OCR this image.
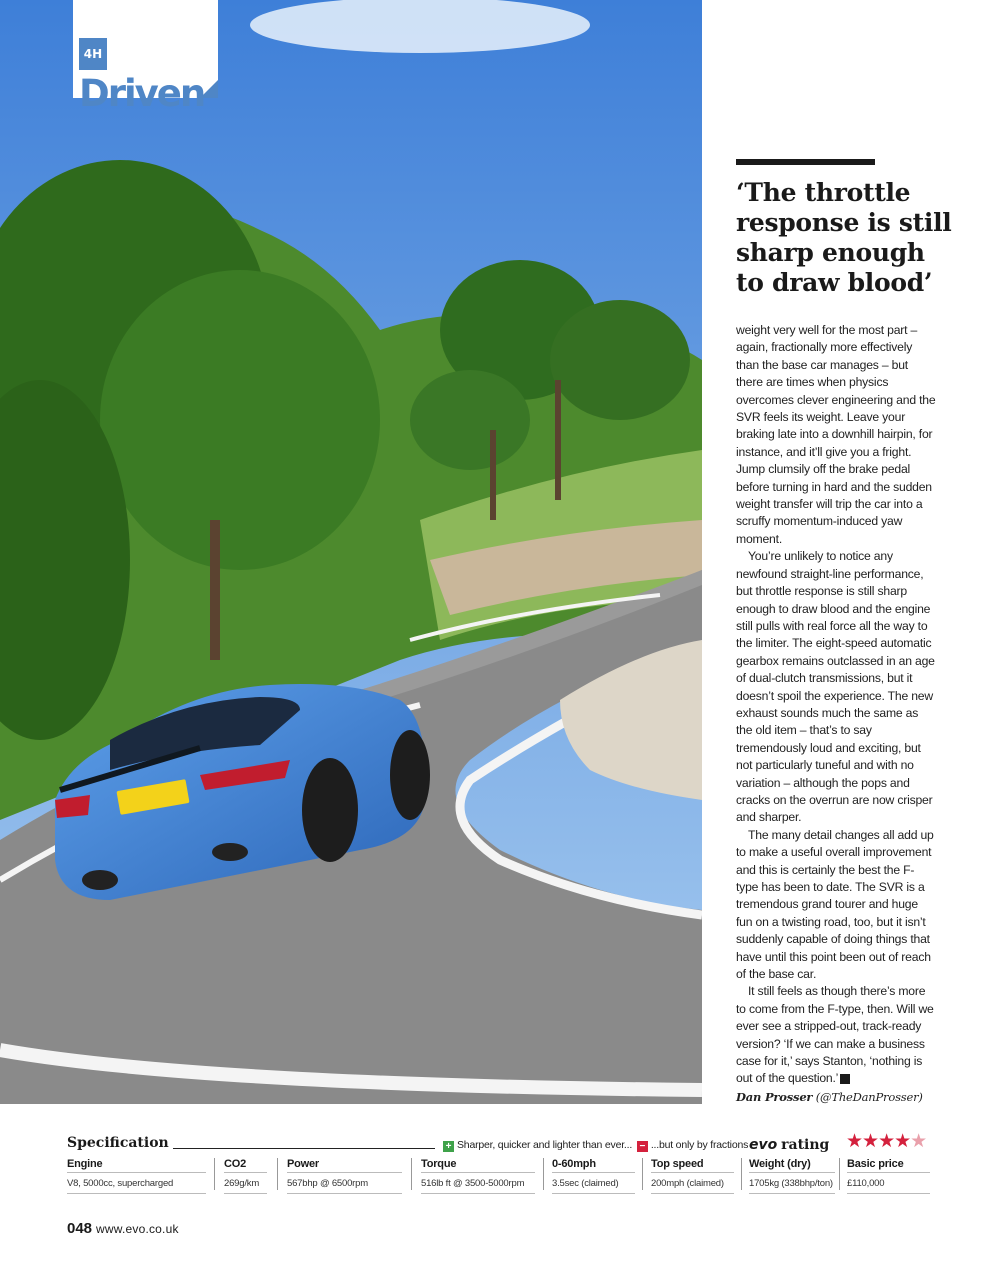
4HDriven
‘The throttle response is still sharp enough to draw blood’

weight very well for the most part – again, fractionally more effectively than the base car manages – but there are times when physics overcomes clever engineering and the SVR feels its weight. Leave your braking late into a downhill hairpin, for instance, and it’ll give you a fright. Jump clumsily off the brake pedal before turning in hard and the sudden weight transfer will trip the car into a scruffy momentum-induced yaw moment.

You’re unlikely to notice any newfound straight-line performance, but throttle response is still sharp enough to draw blood and the engine still pulls with real force all the way to the limiter. The eight-speed automatic gearbox remains outclassed in an age of dual-clutch transmissions, but it doesn’t spoil the experience. The new exhaust sounds much the same as the old item – that’s to say tremendously loud and exciting, but not particularly tuneful and with no variation – although the pops and cracks on the overrun are now crisper and sharper.

The many detail changes all add up to make a useful overall improvement and this is certainly the best the F-type has been to date. The SVR is a tremendous grand tourer and huge fun on a twisting road, too, but it isn’t suddenly capable of doing things that have until this point been out of reach of the base car.

It still feels as though there’s more to come from the F-type, then. Will we ever see a stripped-out, track-ready version? ‘If we can make a business case for it,’ says Stanton, ‘nothing is out of the question.’ ✕

Dan Prosser (@TheDanProsser)
Specification	+ Sharper, quicker and lighter than ever... − ...but only by fractions evo rating ★★★★★
Engine
V8, 5000cc, supercharged
CO2
269g/km
Power
567bhp @ 6500rpm
Torque
516lb ft @ 3500-5000rpm
0-60mph
3.5sec (claimed)
Top speed
200mph (claimed)
Weight (dry)
1705kg (338bhp/ton)
Basic price
£110,000
048 www.evo.co.uk
